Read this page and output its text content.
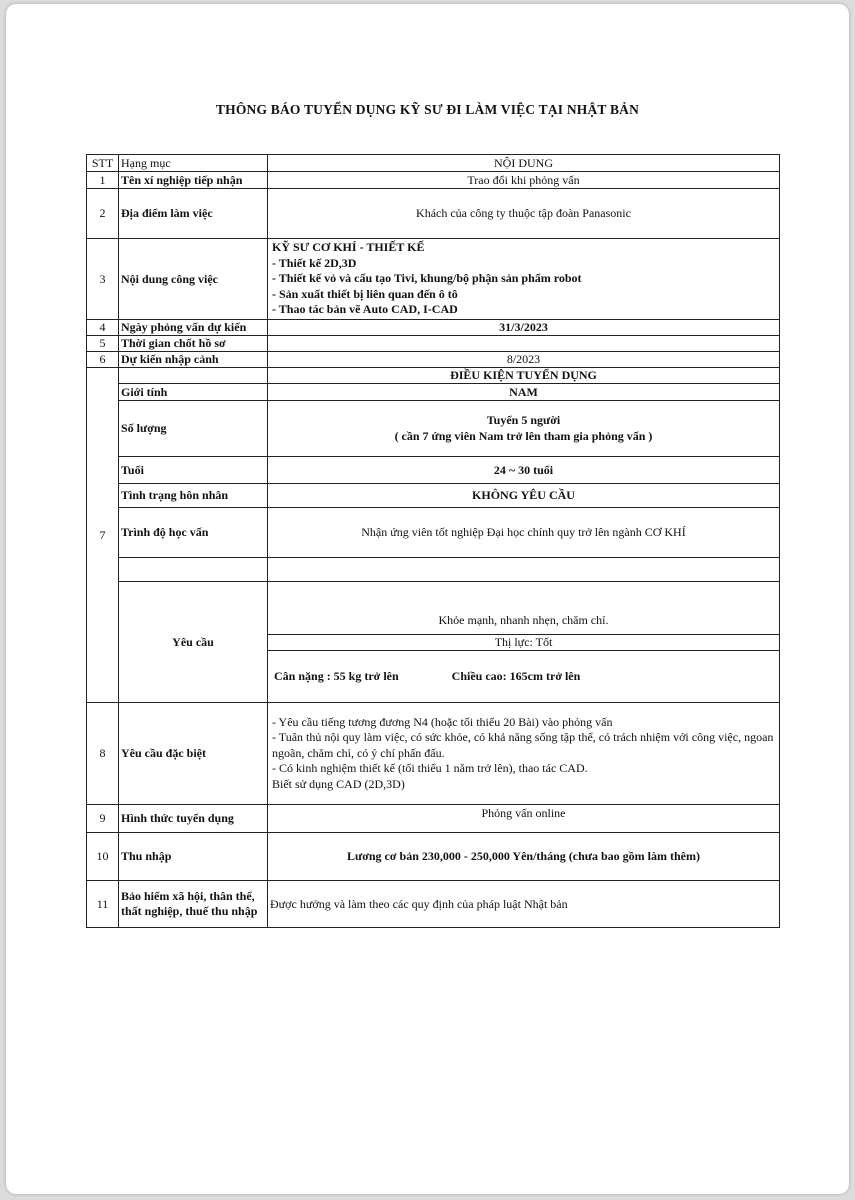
THÔNG BÁO TUYỂN DỤNG KỸ SƯ ĐI LÀM VIỆC TẠI NHẬT BẢN
STT	Hạng mục	NỘI DUNG
1	Tên xí nghiệp tiếp nhận	Trao đổi khi phỏng vấn
2	Địa điểm làm việc	Khách của công ty thuộc tập đoàn Panasonic
3	Nội dung công việc	KỸ SƯ CƠ KHÍ - THIẾT KẾ
- Thiết kế 2D,3D
- Thiết kế vỏ và cấu tạo Tivi, khung/bộ phận sản phẩm robot
- Sản xuất thiết bị liên quan đến ô tô
- Thao tác bản vẽ Auto CAD, I-CAD

4	Ngày phỏng vấn dự kiến	31/3/2023
5	Thời gian chốt hồ sơ	
6	Dự kiến nhập cảnh	8/2023
7		ĐIỀU KIỆN TUYỂN DỤNG
	Giới tính	NAM
	Số lượng	Tuyển 5 người
( cần 7 ứng viên Nam trở lên tham gia phỏng vấn )

	Tuổi	24 ~ 30 tuổi
	Tình trạng hôn nhân	KHÔNG YÊU CẦU
	Trình độ học vấn	Nhận ứng viên tốt nghiệp Đại học chính quy trở lên ngành CƠ KHÍ

	Yêu cầu	Khỏe mạnh, nhanh nhẹn, chăm chỉ.
		Thị lực: Tốt
		Cân nặng : 55 kg trở lên Chiều cao: 165cm trở lên
8	Yêu cầu đặc biệt	- Yêu cầu tiếng tương đương N4 (hoặc tối thiểu 20 Bài) vào phỏng vấn
- Tuân thủ nội quy làm việc, có sức khỏe, có khả năng sống tập thể, có trách nhiệm với công việc, ngoan ngoãn, chăm chỉ, có ý chí phấn đấu.
- Có kinh nghiệm thiết kế (tối thiểu 1 năm trở lên), thao tác CAD.
Biết sử dụng CAD (2D,3D)

9	Hình thức tuyển dụng	Phỏng vấn online
10	Thu nhập	Lương cơ bản 230,000 - 250,000 Yên/tháng (chưa bao gồm làm thêm)
11	Bảo hiểm xã hội, thân thể, thất nghiệp, thuế thu nhập	Được hưởng và làm theo các quy định của pháp luật Nhật bản
